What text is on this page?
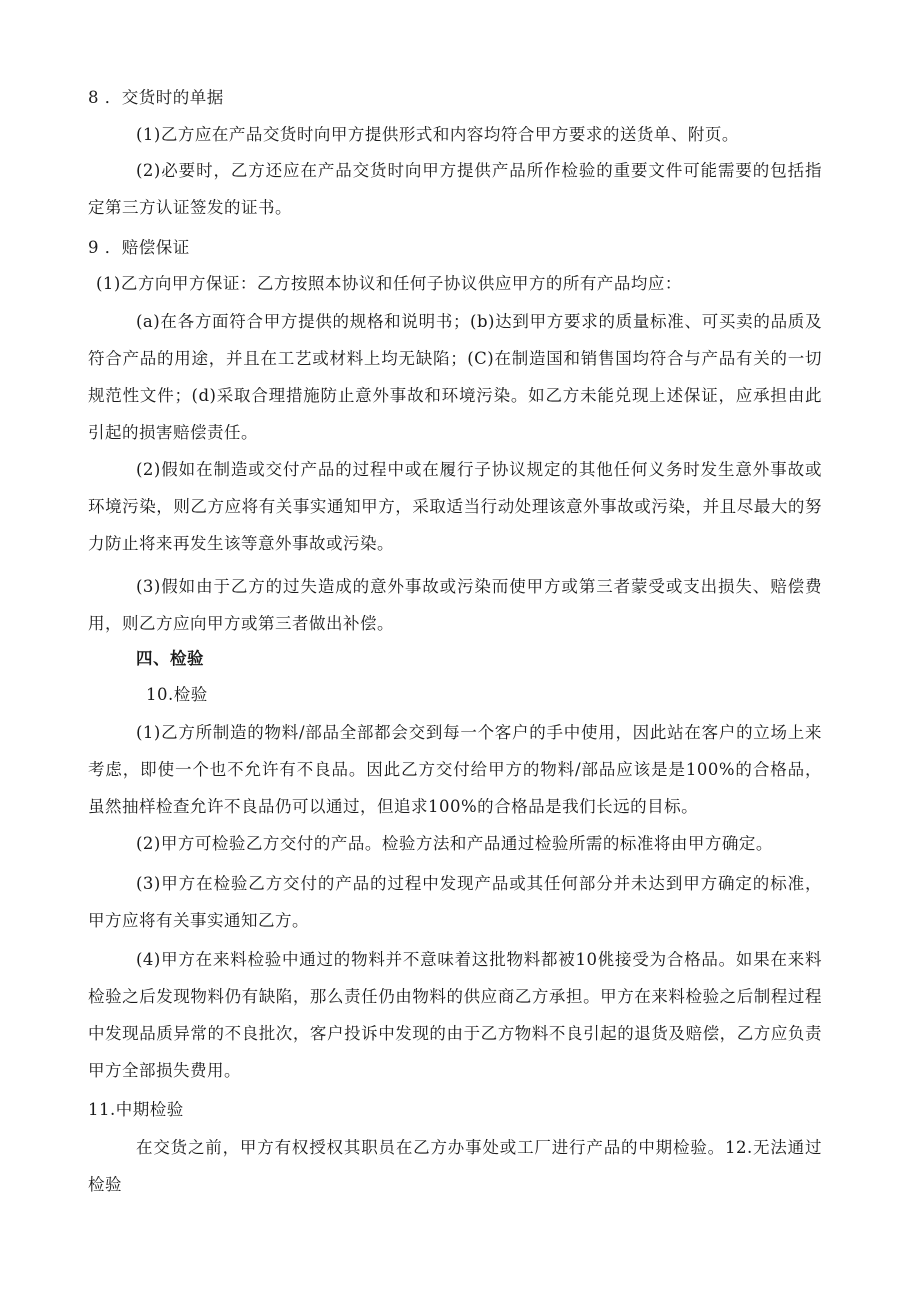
8 ．交货时的单据
(1)乙方应在产品交货时向甲方提供形式和内容均符合甲方要求的送货单、附页。
(2)必要时，乙方还应在产品交货时向甲方提供产品所作检验的重要文件可能需要的包括指定第三方认证签发的证书。
9 ．赔偿保证
(1)乙方向甲方保证：乙方按照本协议和任何子协议供应甲方的所有产品均应：
(a)在各方面符合甲方提供的规格和说明书；(b)达到甲方要求的质量标准、可买卖的品质及符合产品的用途，并且在工艺或材料上均无缺陷；(C)在制造国和销售国均符合与产品有关的一切规范性文件；(d)采取合理措施防止意外事故和环境污染。如乙方未能兑现上述保证，应承担由此引起的损害赔偿责任。
(2)假如在制造或交付产品的过程中或在履行子协议规定的其他任何义务时发生意外事故或环境污染，则乙方应将有关事实通知甲方，采取适当行动处理该意外事故或污染，并且尽最大的努力防止将来再发生该等意外事故或污染。
(3)假如由于乙方的过失造成的意外事故或污染而使甲方或第三者蒙受或支出损失、赔偿费用，则乙方应向甲方或第三者做出补偿。
四、检验
10.检验
(1)乙方所制造的物料/部品全部都会交到每一个客户的手中使用，因此站在客户的立场上来考虑，即使一个也不允许有不良品。因此乙方交付给甲方的物料/部品应该是是100%的合格品，虽然抽样检查允许不良品仍可以通过，但追求100%的合格品是我们长远的目标。
(2)甲方可检验乙方交付的产品。检验方法和产品通过检验所需的标准将由甲方确定。
(3)甲方在检验乙方交付的产品的过程中发现产品或其任何部分并未达到甲方确定的标准，甲方应将有关事实通知乙方。
(4)甲方在来料检验中通过的物料并不意味着这批物料都被10佻接受为合格品。如果在来料检验之后发现物料仍有缺陷，那么责任仍由物料的供应商乙方承担。甲方在来料检验之后制程过程中发现品质异常的不良批次，客户投诉中发现的由于乙方物料不良引起的退货及赔偿，乙方应负责甲方全部损失费用。
11.中期检验
在交货之前，甲方有权授权其职员在乙方办事处或工厂进行产品的中期检验。12.无法通过检验
